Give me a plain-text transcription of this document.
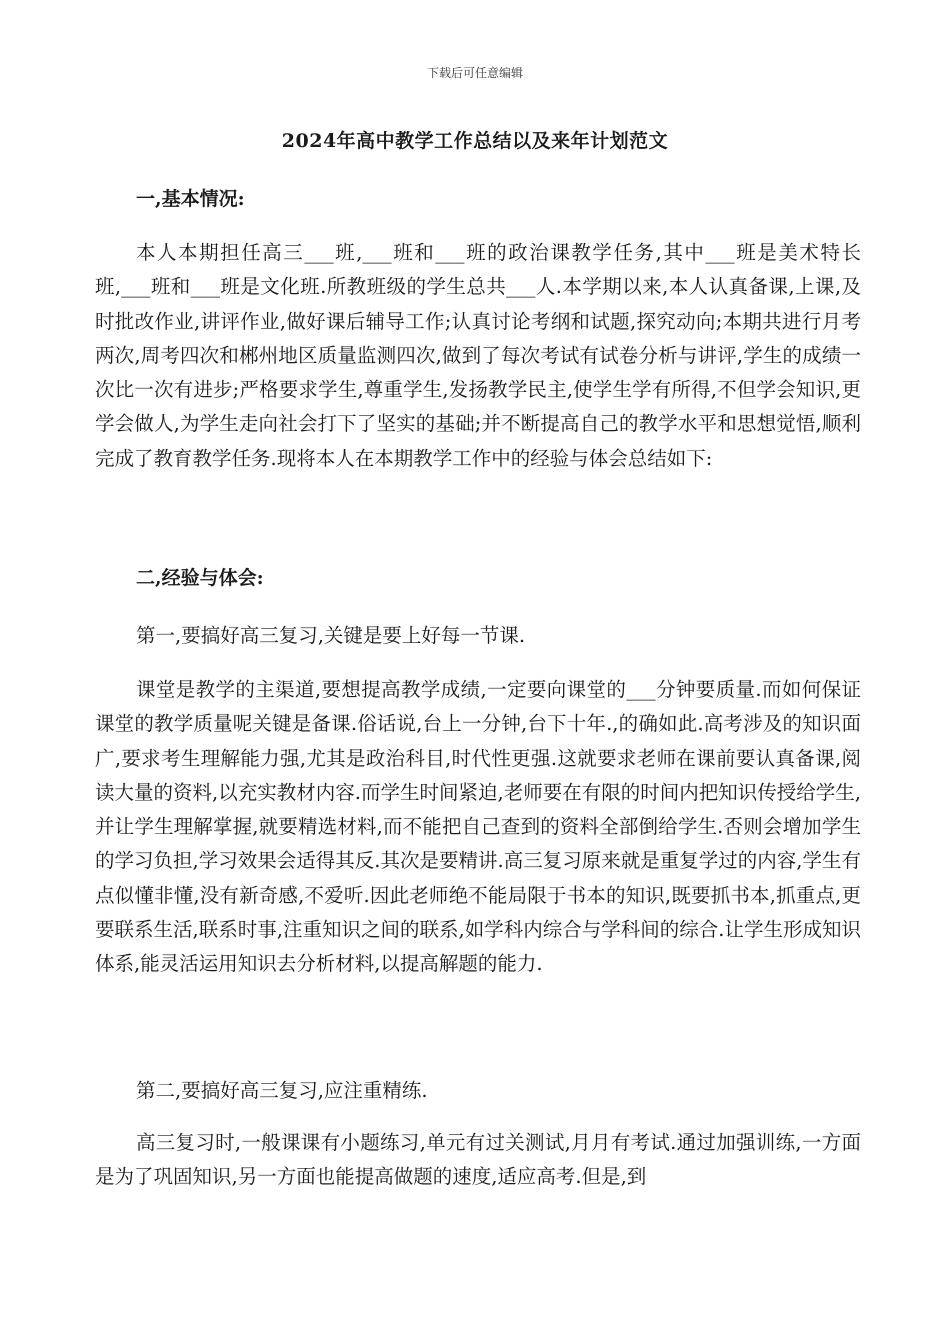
下载后可任意编辑
2024年高中教学工作总结以及来年计划范文
一,基本情况:

本人本期担任高三___班,___班和___班的政治课教学任务,其中___班是美术特长班,___班和___班是文化班.所教班级的学生总共___人.本学期以来,本人认真备课,上课,及时批改作业,讲评作业,做好课后辅导工作;认真讨论考纲和试题,探究动向;本期共进行月考两次,周考四次和郴州地区质量监测四次,做到了每次考试有试卷分析与讲评,学生的成绩一次比一次有进步;严格要求学生,尊重学生,发扬教学民主,使学生学有所得,不但学会知识,更学会做人,为学生走向社会打下了坚实的基础;并不断提高自己的教学水平和思想觉悟,顺利完成了教育教学任务.现将本人在本期教学工作中的经验与体会总结如下:

二,经验与体会:
第一,要搞好高三复习,关键是要上好每一节课.

课堂是教学的主渠道,要想提高教学成绩,一定要向课堂的___分钟要质量.而如何保证课堂的教学质量呢关键是备课.俗话说,台上一分钟,台下十年.,的确如此.高考涉及的知识面广,要求考生理解能力强,尤其是政治科目,时代性更强.这就要求老师在课前要认真备课,阅读大量的资料,以充实教材内容.而学生时间紧迫,老师要在有限的时间内把知识传授给学生,并让学生理解掌握,就要精选材料,而不能把自己查到的资料全部倒给学生.否则会增加学生的学习负担,学习效果会适得其反.其次是要精讲.高三复习原来就是重复学过的内容,学生有点似懂非懂,没有新奇感,不爱听.因此老师绝不能局限于书本的知识,既要抓书本,抓重点,更要联系生活,联系时事,注重知识之间的联系,如学科内综合与学科间的综合.让学生形成知识体系,能灵活运用知识去分析材料,以提高解题的能力.

第二,要搞好高三复习,应注重精练.

高三复习时,一般课课有小题练习,单元有过关测试,月月有考试.通过加强训练,一方面是为了巩固知识,另一方面也能提高做题的速度,适应高考.但是,到
